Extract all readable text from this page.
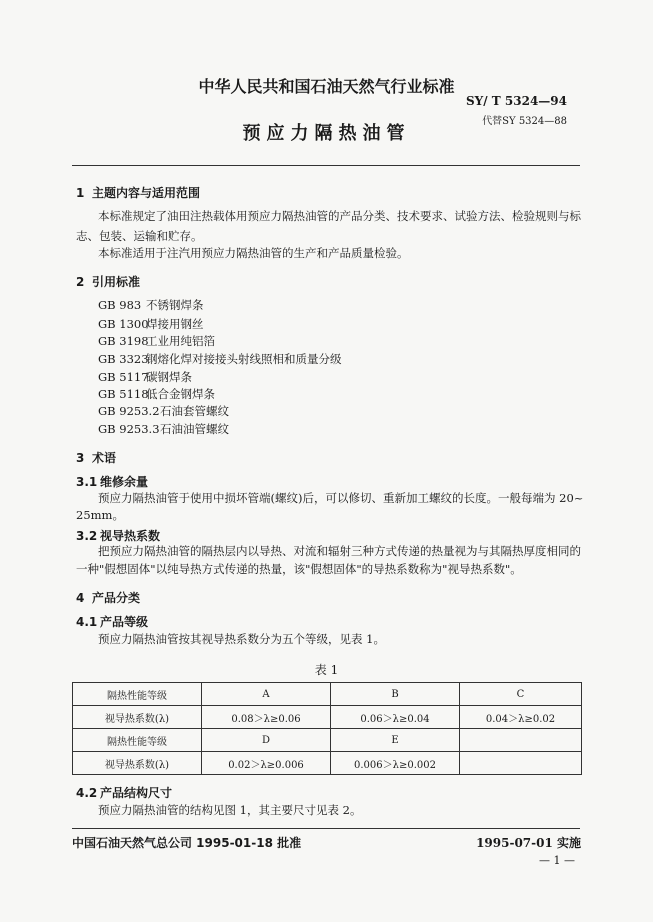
中华人民共和国石油天然气行业标准
SY/ T 5324—94
代替SY 5324—88
预应力隔热油管
1 主题内容与适用范围
本标准规定了油田注热载体用预应力隔热油管的产品分类、技术要求、试验方法、检验规则与标
志、包装、运输和贮存。
本标准适用于注汽用预应力隔热油管的生产和产品质量检验。
2 引用标准
GB 983 不锈钢焊条
GB 1300焊接用钢丝
GB 3198工业用纯铝箔
GB 3323钢熔化焊对接接头射线照相和质量分级
GB 5117碳钢焊条
GB 5118低合金钢焊条
GB 9253.2石油套管螺纹
GB 9253.3石油油管螺纹
3 术语
3.1 维修余量
预应力隔热油管于使用中损坏管端(螺纹)后，可以修切、重新加工螺纹的长度。一般每端为 20~
25mm。
3.2 视导热系数
把预应力隔热油管的隔热层内以导热、对流和辐射三种方式传递的热量视为与其隔热厚度相同的
一种"假想固体"以纯导热方式传递的热量，该"假想固体"的导热系数称为"视导热系数"。
4 产品分类
4.1 产品等级
预应力隔热油管按其视导热系数分为五个等级，见表 1。
表 1
隔热性能等级	A	B	C
视导热系数(λ)	0.08＞λ≥0.06	0.06＞λ≥0.04	0.04＞λ≥0.02
隔热性能等级	D	E	
视导热系数(λ)	0.02＞λ≥0.006	0.006＞λ≥0.002	
4.2 产品结构尺寸
预应力隔热油管的结构见图 1，其主要尺寸见表 2。
中国石油天然气总公司 1995-01-18 批准	1995-07-01 实施
— 1 —
